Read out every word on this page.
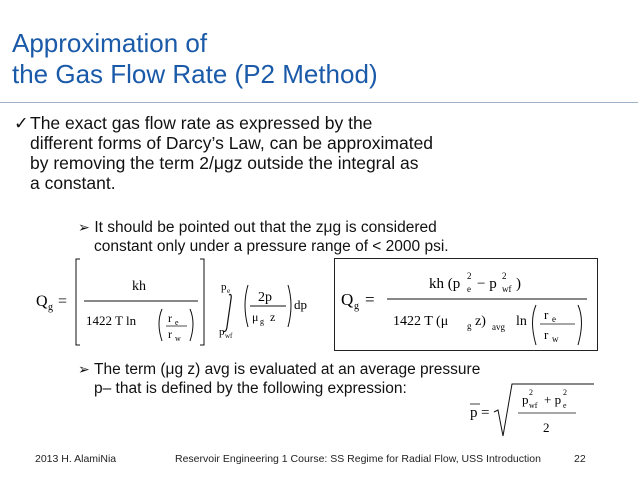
Approximation of
the Gas Flow Rate (P2 Method)
✓ The exact gas flow rate as expressed by the
different forms of Darcy’s Law, can be approximated
by removing the term 2/μgz outside the integral as
a constant.
➢ It should be pointed out that the zμg is considered
constant only under a pressure range of < 2000 psi.
Q g =
kh
1422 T ln	r e
r w
p e
p wf
2p
μ g z
dp Q g =
kh (p e
2 − p wf
2 )
1422 T (μ g z) avg ln r e
r w
➢ The term (μg z) avg is evaluated at an average pressure
p– that is defined by the following expression:
p =
p wf
2 + p e
2
2
2013 H. AlamiNia	Reservoir Engineering 1 Course: SS Regime for Radial Flow, USS Introduction	22
